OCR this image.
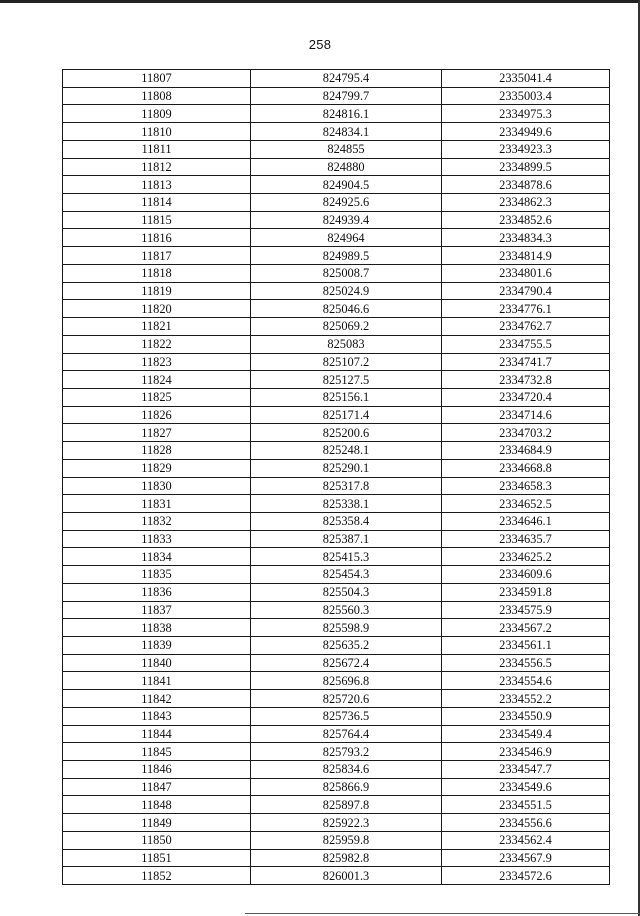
258
11807	824795.4	2335041.4
11808	824799.7	2335003.4
11809	824816.1	2334975.3
11810	824834.1	2334949.6
11811	824855	2334923.3
11812	824880	2334899.5
11813	824904.5	2334878.6
11814	824925.6	2334862.3
11815	824939.4	2334852.6
11816	824964	2334834.3
11817	824989.5	2334814.9
11818	825008.7	2334801.6
11819	825024.9	2334790.4
11820	825046.6	2334776.1
11821	825069.2	2334762.7
11822	825083	2334755.5
11823	825107.2	2334741.7
11824	825127.5	2334732.8
11825	825156.1	2334720.4
11826	825171.4	2334714.6
11827	825200.6	2334703.2
11828	825248.1	2334684.9
11829	825290.1	2334668.8
11830	825317.8	2334658.3
11831	825338.1	2334652.5
11832	825358.4	2334646.1
11833	825387.1	2334635.7
11834	825415.3	2334625.2
11835	825454.3	2334609.6
11836	825504.3	2334591.8
11837	825560.3	2334575.9
11838	825598.9	2334567.2
11839	825635.2	2334561.1
11840	825672.4	2334556.5
11841	825696.8	2334554.6
11842	825720.6	2334552.2
11843	825736.5	2334550.9
11844	825764.4	2334549.4
11845	825793.2	2334546.9
11846	825834.6	2334547.7
11847	825866.9	2334549.6
11848	825897.8	2334551.5
11849	825922.3	2334556.6
11850	825959.8	2334562.4
11851	825982.8	2334567.9
11852	826001.3	2334572.6
